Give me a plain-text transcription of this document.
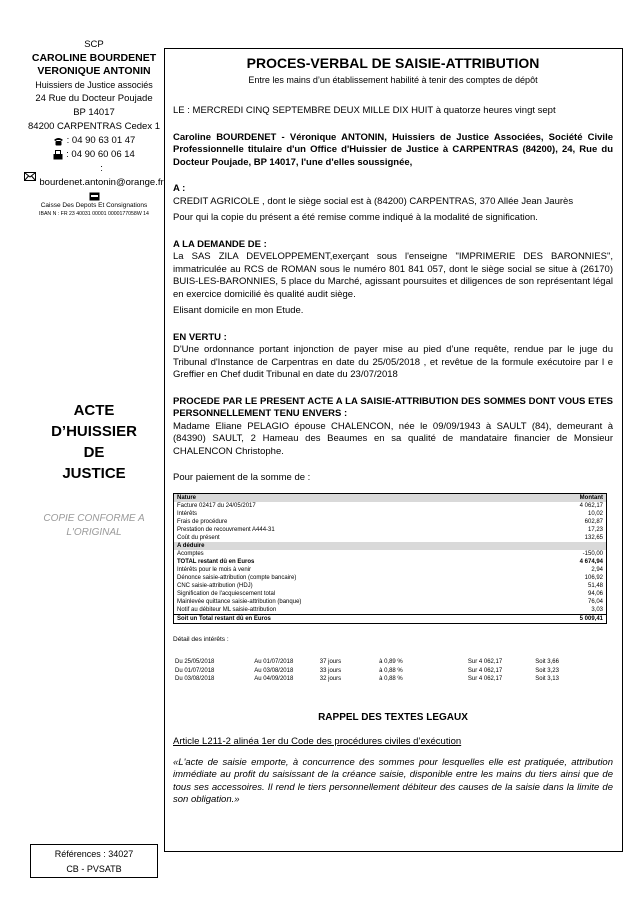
SCP
CAROLINE BOURDENET
VERONIQUE ANTONIN
Huissiers de Justice associés
24 Rue du Docteur Poujade
BP 14017
84200 CARPENTRAS Cedex 1
: 04 90 63 01 47
: 04 90 60 06 14
: bourdenet.antonin@orange.fr
Caisse Des Depots Et Consignations
IBAN N : FR 23 40031 00001 0000177058W 14
ACTE
D’HUISSIER
DE
JUSTICE
COPIE CONFORME A L'ORIGINAL
Références : 34027
CB - PVSATB
PROCES-VERBAL DE SAISIE-ATTRIBUTION
Entre les mains d’un établissement habilité à tenir des comptes de dépôt

LE : MERCREDI CINQ SEPTEMBRE DEUX MILLE DIX HUIT à quatorze heures vingt sept

Caroline BOURDENET - Véronique ANTONIN, Huissiers de Justice Associées, Société Civile Professionnelle titulaire d'un Office d'Huissier de Justice à CARPENTRAS (84200), 24, Rue du Docteur Poujade, BP 14017, l'une d'elles soussignée,

A :

CREDIT AGRICOLE , dont le siège social est à (84200) CARPENTRAS, 370 Allée Jean Jaurès

Pour qui la copie du présent a été remise comme indiqué à la modalité de signification.

A LA DEMANDE DE :

La SAS ZILA DEVELOPPEMENT,exerçant sous l'enseigne "IMPRIMERIE DES BARONNIES", immatriculée au RCS de ROMAN sous le numéro 801 841 057, dont le siège social se situe à (26170) BUIS-LES-BARONNIES, 5 place du Marché, agissant poursuites et diligences de son représentant légal en exercice domicilié ès qualité audit siège.

Elisant domicile en mon Etude.

EN VERTU :

D'Une ordonnance portant injonction de payer mise au pied d’une requête, rendue par le juge du Tribunal d'Instance de Carpentras en date du 25/05/2018 , et revêtue de la formule exécutoire par l e Greffier en Chef dudit Tribunal en date du 23/07/2018

PROCEDE PAR LE PRESENT ACTE A LA SAISIE-ATTRIBUTION DES SOMMES DONT VOUS ETES PERSONNELLEMENT TENU ENVERS :

Madame Eliane PELAGIO épouse CHALENCON, née le 09/09/1943 à SAULT (84), demeurant à (84390) SAULT, 2 Hameau des Beaumes en sa qualité de mandataire financier de Monsieur CHALENCON Christophe.

Pour paiement de la somme de :

Nature	Montant
Facture 02417 du 24/05/2017	4 062,17
Intérêts	10,02
Frais de procédure	602,87
Prestation de recouvrement A444-31	17,23
Coût du présent	132,65
A déduire	
Acomptes	-150,00
TOTAL restant dû en Euros	4 674,94
Intérêts pour le mois à venir	2,94
Dénonce saisie-attribution (compte bancaire)	106,92
CNC saisie-attribution (HDJ)	51,48
Signification de l'acquiescement total	94,06
Mainlevée quittance saisie-attribution (banque)	76,04
Notif au débiteur ML saisie-attribution	3,03
Soit un Total restant dû en Euros	5 009,41

Détail des intérêts :

Du 25/05/2018	Au 01/07/2018	37 jours	à 0,89 %	Sur 4 062,17	Soit 3,66
Du 01/07/2018	Au 03/08/2018	33 jours	à 0,88 %	Sur 4 062,17	Soit 3,23
Du 03/08/2018	Au 04/09/2018	32 jours	à 0,88 %	Sur 4 062,17	Soit 3,13

RAPPEL DES TEXTES LEGAUX

Article L211-2 alinéa 1er du Code des procédures civiles d’exécution

«L'acte de saisie emporte, à concurrence des sommes pour lesquelles elle est pratiquée, attribution immédiate au profit du saisissant de la créance saisie, disponible entre les mains du tiers ainsi que de tous ses accessoires. Il rend le tiers personnellement débiteur des causes de la saisie dans la limite de son obligation.»
